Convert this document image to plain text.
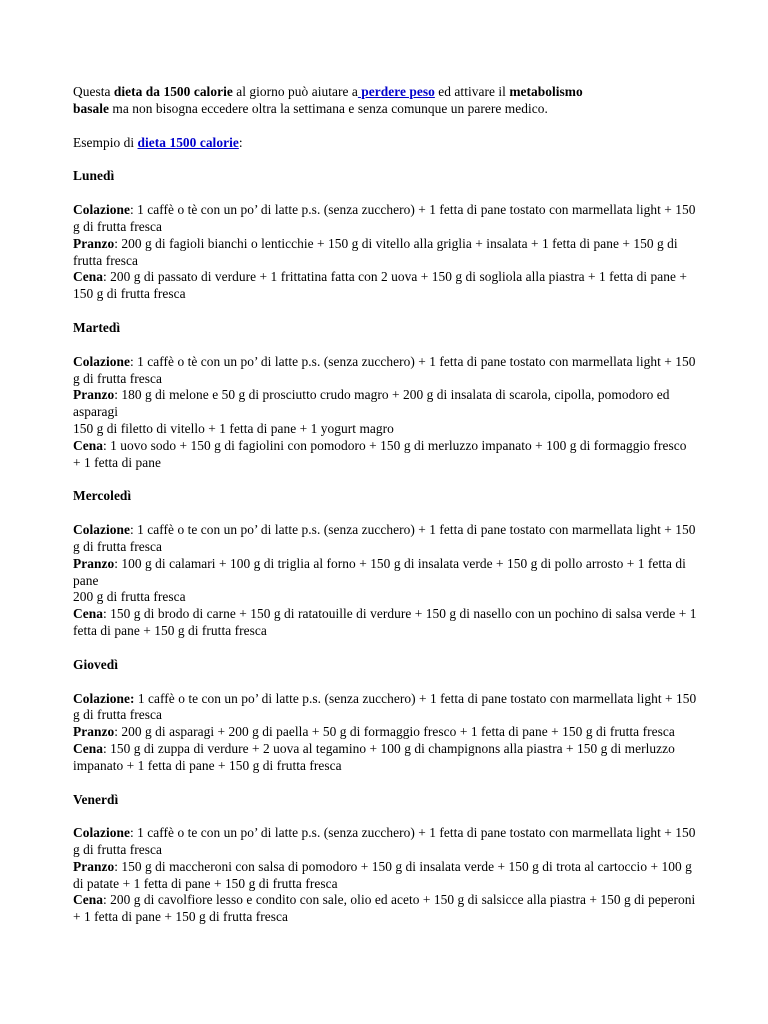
Questa dieta da 1500 calorie al giorno può aiutare a perdere peso ed attivare il metabolismo
basale ma non bisogna eccedere oltra la settimana e senza comunque un parere medico.

Esempio di dieta 1500 calorie:

Lunedì

Colazione: 1 caffè o tè con un po’ di latte p.s. (senza zucchero) + 1 fetta di pane tostato con marmellata light + 150 g di frutta fresca

Pranzo: 200 g di fagioli bianchi o lenticchie + 150 g di vitello alla griglia + insalata + 1 fetta di pane + 150 g di frutta fresca

Cena: 200 g di passato di verdure + 1 frittatina fatta con 2 uova + 150 g di sogliola alla piastra + 1 fetta di pane + 150 g di frutta fresca

Martedì

Colazione: 1 caffè o tè con un po’ di latte p.s. (senza zucchero) + 1 fetta di pane tostato con marmellata light + 150 g di frutta fresca

Pranzo: 180 g di melone e 50 g di prosciutto crudo magro + 200 g di insalata di scarola, cipolla, pomodoro ed asparagi

150 g di filetto di vitello + 1 fetta di pane + 1 yogurt magro

Cena: 1 uovo sodo + 150 g di fagiolini con pomodoro + 150 g di merluzzo impanato + 100 g di formaggio fresco + 1 fetta di pane

Mercoledì

Colazione: 1 caffè o te con un po’ di latte p.s. (senza zucchero) + 1 fetta di pane tostato con marmellata light + 150 g di frutta fresca

Pranzo: 100 g di calamari + 100 g di triglia al forno + 150 g di insalata verde + 150 g di pollo arrosto + 1 fetta di pane

200 g di frutta fresca

Cena: 150 g di brodo di carne + 150 g di ratatouille di verdure + 150 g di nasello con un pochino di salsa verde + 1 fetta di pane + 150 g di frutta fresca

Giovedì

Colazione: 1 caffè o te con un po’ di latte p.s. (senza zucchero) + 1 fetta di pane tostato con marmellata light + 150 g di frutta fresca

Pranzo: 200 g di asparagi + 200 g di paella + 50 g di formaggio fresco + 1 fetta di pane + 150 g di frutta fresca

Cena: 150 g di zuppa di verdure + 2 uova al tegamino + 100 g di champignons alla piastra + 150 g di merluzzo impanato + 1 fetta di pane + 150 g di frutta fresca

Venerdì

Colazione: 1 caffè o te con un po’ di latte p.s. (senza zucchero) + 1 fetta di pane tostato con marmellata light + 150 g di frutta fresca

Pranzo: 150 g di maccheroni con salsa di pomodoro + 150 g di insalata verde + 150 g di trota al cartoccio + 100 g di patate + 1 fetta di pane + 150 g di frutta fresca

Cena: 200 g di cavolfiore lesso e condito con sale, olio ed aceto + 150 g di salsicce alla piastra + 150 g di peperoni + 1 fetta di pane + 150 g di frutta fresca
